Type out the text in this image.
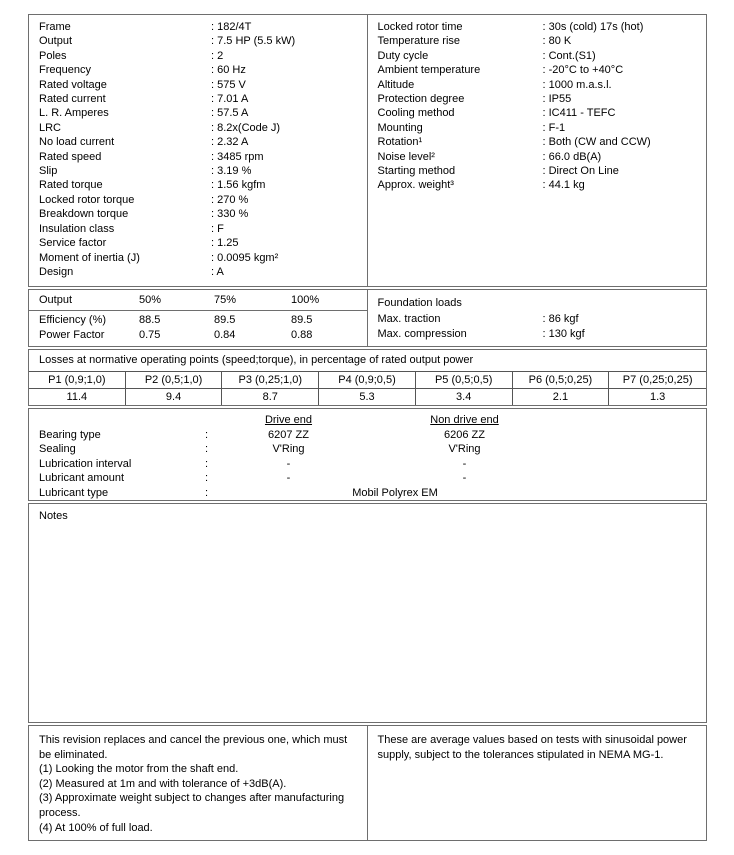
Frame	: 182/4T
Output	: 7.5 HP (5.5 kW)
Poles	: 2
Frequency	: 60 Hz
Rated voltage	: 575 V
Rated current	: 7.01 A
L. R. Amperes	: 57.5 A
LRC	: 8.2x(Code J)
No load current	: 2.32 A
Rated speed	: 3485 rpm
Slip	: 3.19 %
Rated torque	: 1.56 kgfm
Locked rotor torque	: 270 %
Breakdown torque	: 330 %
Insulation class	: F
Service factor	: 1.25
Moment of inertia (J)	: 0.0095 kgm²
Design	: A
Locked rotor time	: 30s (cold) 17s (hot)
Temperature rise	: 80 K
Duty cycle	: Cont.(S1)
Ambient temperature	: -20°C to +40°C
Altitude	: 1000 m.a.s.l.
Protection degree	: IP55
Cooling method	: IC411 - TEFC
Mounting	: F-1
Rotation¹	: Both (CW and CCW)
Noise level²	: 66.0 dB(A)
Starting method	: Direct On Line
Approx. weight³	: 44.1 kg
Output	50%	75%	100%
Efficiency (%)	88.5	89.5	89.5
Power Factor	0.75	0.84	0.88
Foundation loads
Max. traction	: 86 kgf
Max. compression	: 130 kgf
Losses at normative operating points (speed;torque), in percentage of rated output power
P1 (0,9;1,0)	P2 (0,5;1,0)	P3 (0,25;1,0)	P4 (0,9;0,5)	P5 (0,5;0,5)	P6 (0,5;0,25)	P7 (0,25;0,25)
11.4	9.4	8.7	5.3	3.4	2.1	1.3
Drive end	Non drive end
Bearing type	:	6207 ZZ	6206 ZZ
Sealing	:	V'Ring	V'Ring
Lubrication interval	:	-	-
Lubricant amount	:	-	-
Lubricant type	:	Mobil Polyrex EM
Notes
This revision replaces and cancel the previous one, which must be eliminated.
(1) Looking the motor from the shaft end.
(2) Measured at 1m and with tolerance of +3dB(A).
(3) Approximate weight subject to changes after manufacturing process.
(4) At 100% of full load.
These are average values based on tests with sinusoidal power supply, subject to the tolerances stipulated in NEMA MG-1.
